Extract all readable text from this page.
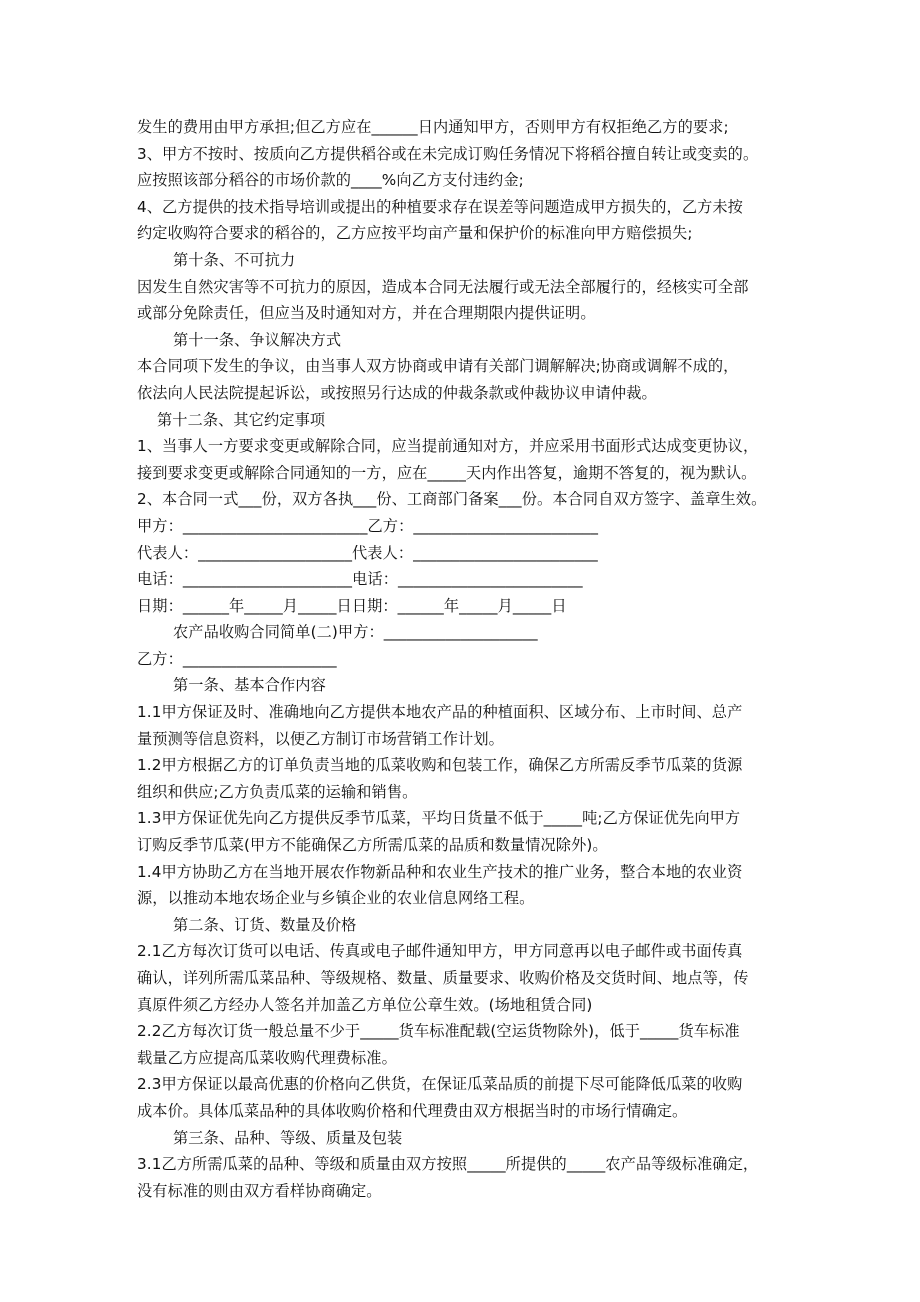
发生的费用由甲方承担;但乙方应在______日内通知甲方，否则甲方有权拒绝乙方的要求;
3、甲方不按时、按质向乙方提供稻谷或在未完成订购任务情况下将稻谷擅自转让或变卖的。
应按照该部分稻谷的市场价款的____%向乙方支付违约金;
4、乙方提供的技术指导培训或提出的种植要求存在误差等问题造成甲方损失的，乙方未按
约定收购符合要求的稻谷的，乙方应按平均亩产量和保护价的标准向甲方赔偿损失;
第十条、不可抗力
因发生自然灾害等不可抗力的原因，造成本合同无法履行或无法全部履行的，经核实可全部
或部分免除责任，但应当及时通知对方，并在合理期限内提供证明。
第十一条、争议解决方式
本合同项下发生的争议，由当事人双方协商或申请有关部门调解解决;协商或调解不成的，
依法向人民法院提起诉讼，或按照另行达成的仲裁条款或仲裁协议申请仲裁。
第十二条、其它约定事项
1、当事人一方要求变更或解除合同，应当提前通知对方，并应采用书面形式达成变更协议，
接到要求变更或解除合同通知的一方，应在_____天内作出答复，逾期不答复的，视为默认。
2、本合同一式___份，双方各执___份、工商部门备案___份。本合同自双方签字、盖章生效。
甲方：________________________乙方：________________________
代表人：____________________代表人：________________________
电话：______________________电话：________________________
日期：______年_____月_____日日期：______年_____月_____日
农产品收购合同简单(二)甲方：____________________
乙方：____________________
第一条、基本合作内容
1.1甲方保证及时、准确地向乙方提供本地农产品的种植面积、区域分布、上市时间、总产
量预测等信息资料，以便乙方制订市场营销工作计划。
1.2甲方根据乙方的订单负责当地的瓜菜收购和包装工作，确保乙方所需反季节瓜菜的货源
组织和供应;乙方负责瓜菜的运输和销售。
1.3甲方保证优先向乙方提供反季节瓜菜，平均日货量不低于_____吨;乙方保证优先向甲方
订购反季节瓜菜(甲方不能确保乙方所需瓜菜的品质和数量情况除外)。
1.4甲方协助乙方在当地开展农作物新品种和农业生产技术的推广业务，整合本地的农业资
源，以推动本地农场企业与乡镇企业的农业信息网络工程。
第二条、订货、数量及价格
2.1乙方每次订货可以电话、传真或电子邮件通知甲方，甲方同意再以电子邮件或书面传真
确认，详列所需瓜菜品种、等级规格、数量、质量要求、收购价格及交货时间、地点等，传
真原件须乙方经办人签名并加盖乙方单位公章生效。(场地租赁合同)
2.2乙方每次订货一般总量不少于_____货车标准配载(空运货物除外)，低于_____货车标准
载量乙方应提高瓜菜收购代理费标准。
2.3甲方保证以最高优惠的价格向乙供货，在保证瓜菜品质的前提下尽可能降低瓜菜的收购
成本价。具体瓜菜品种的具体收购价格和代理费由双方根据当时的市场行情确定。
第三条、品种、等级、质量及包装
3.1乙方所需瓜菜的品种、等级和质量由双方按照_____所提供的_____农产品等级标准确定，
没有标准的则由双方看样协商确定。
